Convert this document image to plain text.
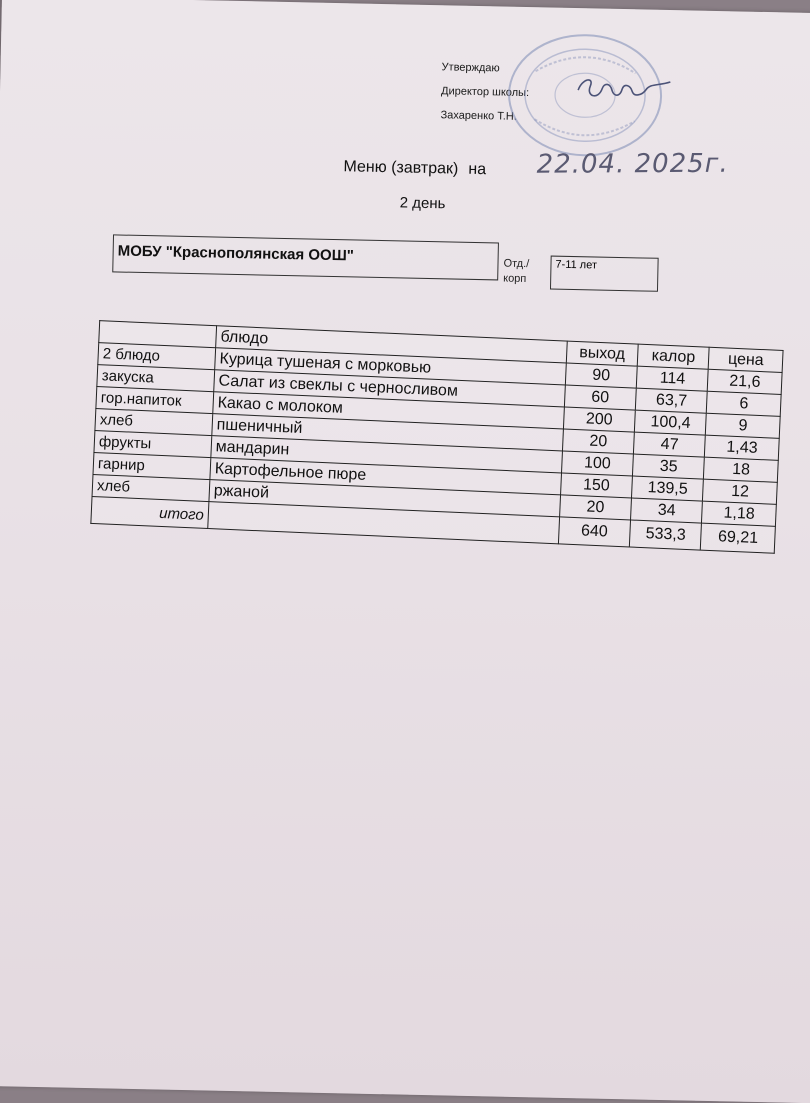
Утверждаю
Директор школы:
Захаренко Т.Н.
Меню (завтрак) на 22.04. 2025г.
2 день
МОБУ "Краснополянская ООШ"	Отд./корп
7-11 лет
	блюдо	выход	калор	цена
2 блюдо	Курица тушеная с морковью	90	114	21,6
закуска	Салат из свеклы с черносливом	60	63,7	6
гор.напиток	Какао с молоком	200	100,4	9
хлеб	пшеничный	20	47	1,43
фрукты	мандарин	100	35	18
гарнир	Картофельное пюре	150	139,5	12
хлеб	ржаной	20	34	1,18
итого		640	533,3	69,21
